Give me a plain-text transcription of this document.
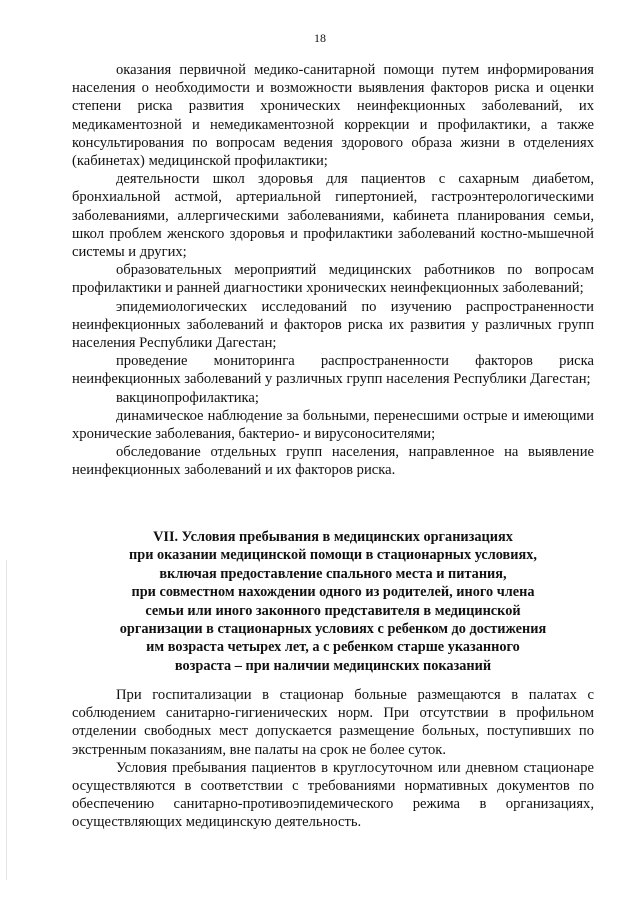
18

оказания первичной медико-санитарной помощи путем информирования населения о необходимости и возможности выявления факторов риска и оценки степени риска развития хронических неинфекционных заболеваний, их медикаментозной и немедикаментозной коррекции и профилактики, а также консультирования по вопросам ведения здорового образа жизни в отделениях (кабинетах) медицинской профилактики;

деятельности школ здоровья для пациентов с сахарным диабетом, бронхиальной астмой, артериальной гипертонией, гастроэнтерологическими заболеваниями, аллергическими заболеваниями, кабинета планирования семьи, школ проблем женского здоровья и профилактики заболеваний костно-мышечной системы и других;

образовательных мероприятий медицинских работников по вопросам профилактики и ранней диагностики хронических неинфекционных заболеваний;

эпидемиологических исследований по изучению распространенности неинфекционных заболеваний и факторов риска их развития у различных групп населения Республики Дагестан;

проведение мониторинга распространенности факторов риска неинфекционных заболеваний у различных групп населения Республики Дагестан;

вакцинопрофилактика;

динамическое наблюдение за больными, перенесшими острые и имеющими хронические заболевания, бактерио- и вирусоносителями;

обследование отдельных групп населения, направленное на выявление неинфекционных заболеваний и их факторов риска.

VII. Условия пребывания в медицинских организациях
при оказании медицинской помощи в стационарных условиях,
включая предоставление спального места и питания,
при совместном нахождении одного из родителей, иного члена
семьи или иного законного представителя в медицинской
организации в стационарных условиях с ребенком до достижения
им возраста четырех лет, а с ребенком старше указанного
возраста – при наличии медицинских показаний

При госпитализации в стационар больные размещаются в палатах с соблюдением санитарно-гигиенических норм. При отсутствии в профильном отделении свободных мест допускается размещение больных, поступивших по экстренным показаниям, вне палаты на срок не более суток.

Условия пребывания пациентов в круглосуточном или дневном стационаре осуществляются в соответствии с требованиями нормативных документов по обеспечению санитарно-противоэпидемического режима в организациях, осуществляющих медицинскую деятельность.
